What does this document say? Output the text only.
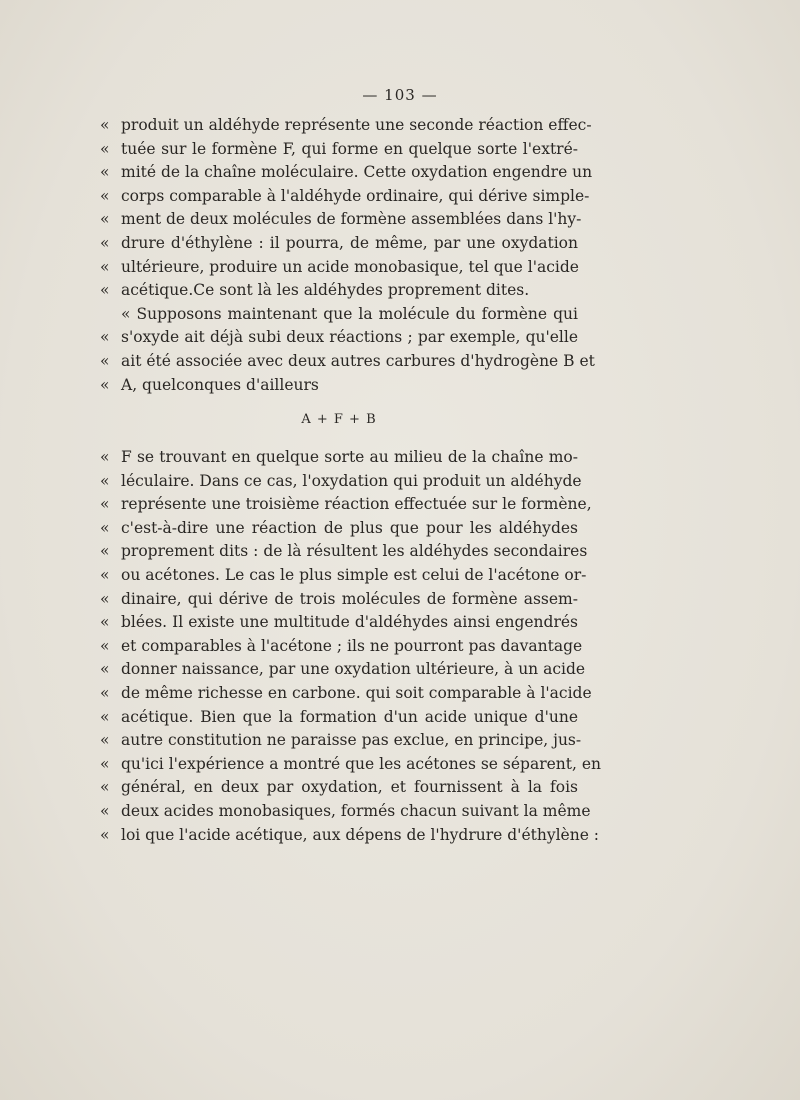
— 103 —
« produit un aldéhyde représente une seconde réaction effec-
« tuée sur le formène F, qui forme en quelque sorte l'extré-
« mité de la chaîne moléculaire. Cette oxydation engendre un
« corps comparable à l'aldéhyde ordinaire, qui dérive simple-
« ment de deux molécules de formène assemblées dans l'hy-
« drure d'éthylène : il pourra, de même, par une oxydation
« ultérieure, produire un acide monobasique, tel que l'acide
« acétique.Ce sont là les aldéhydes proprement dites.
« Supposons maintenant que la molécule du formène qui
« s'oxyde ait déjà subi deux réactions ; par exemple, qu'elle
« ait été associée avec deux autres carbures d'hydrogène B et
« A, quelconques d'ailleurs
A + F + B
« F se trouvant en quelque sorte au milieu de la chaîne mo-
« léculaire. Dans ce cas, l'oxydation qui produit un aldéhyde
« représente une troisième réaction effectuée sur le formène,
« c'est-à-dire une réaction de plus que pour les aldéhydes
« proprement dits : de là résultent les aldéhydes secondaires
« ou acétones. Le cas le plus simple est celui de l'acétone or-
« dinaire, qui dérive de trois molécules de formène assem-
« blées. Il existe une multitude d'aldéhydes ainsi engendrés
« et comparables à l'acétone ; ils ne pourront pas davantage
« donner naissance, par une oxydation ultérieure, à un acide
« de même richesse en carbone. qui soit comparable à l'acide
« acétique. Bien que la formation d'un acide unique d'une
« autre constitution ne paraisse pas exclue, en principe, jus-
« qu'ici l'expérience a montré que les acétones se séparent, en
« général, en deux par oxydation, et fournissent à la fois
« deux acides monobasiques, formés chacun suivant la même
« loi que l'acide acétique, aux dépens de l'hydrure d'éthylène :
